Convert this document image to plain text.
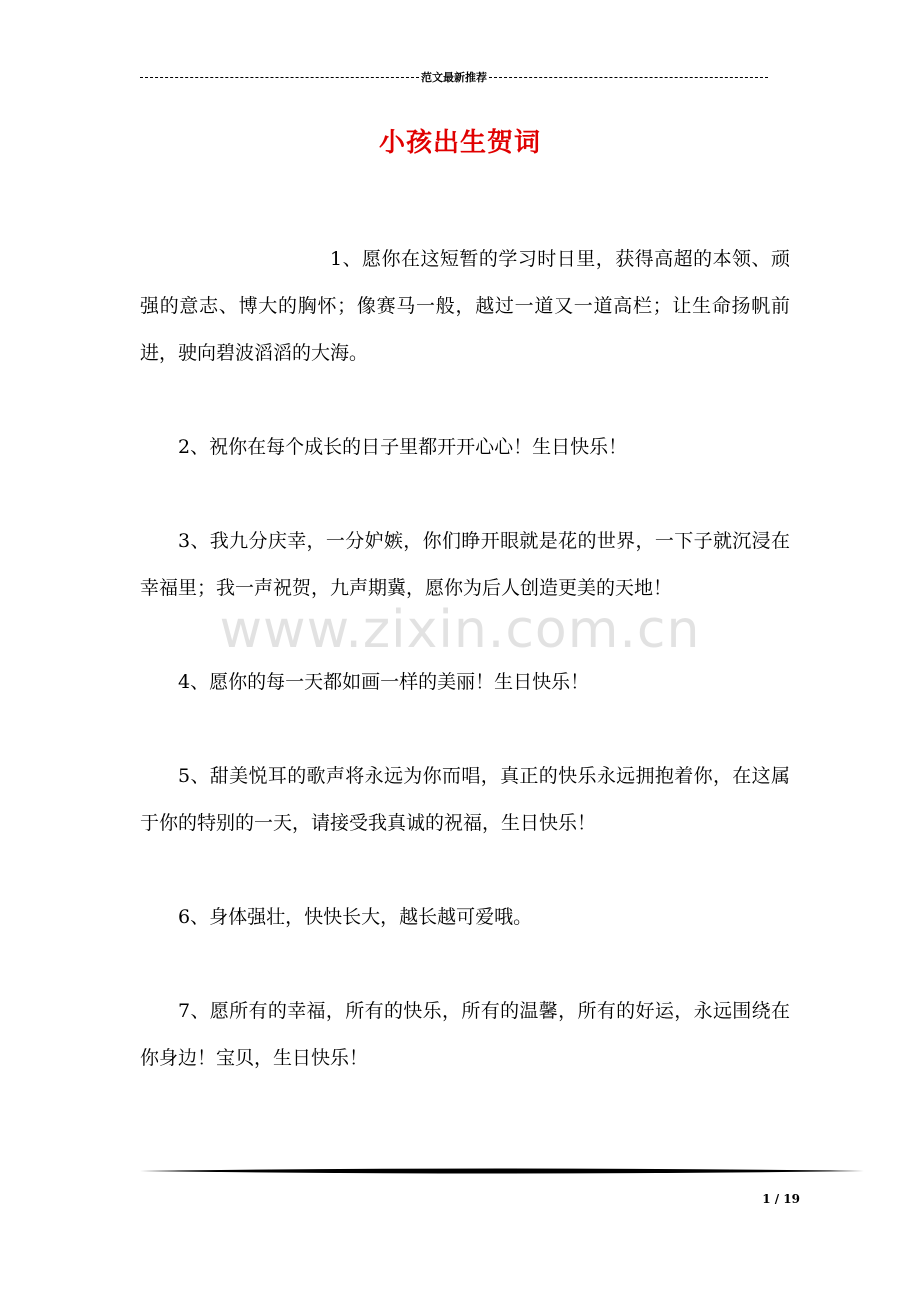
范文最新推荐
小孩出生贺词

1、愿你在这短暂的学习时日里，获得高超的本领、顽强的意志、博大的胸怀；像赛马一般，越过一道又一道高栏；让生命扬帆前进，驶向碧波滔滔的大海。

2、祝你在每个成长的日子里都开开心心！生日快乐！

3、我九分庆幸，一分妒嫉，你们睁开眼就是花的世界，一下子就沉浸在幸福里；我一声祝贺，九声期冀，愿你为后人创造更美的天地！

4、愿你的每一天都如画一样的美丽！生日快乐！

5、甜美悦耳的歌声将永远为你而唱，真正的快乐永远拥抱着你，在这属于你的特别的一天，请接受我真诚的祝福，生日快乐！

6、身体强壮，快快长大，越长越可爱哦。

7、愿所有的幸福，所有的快乐，所有的温馨，所有的好运，永远围绕在你身边！宝贝，生日快乐！

www.zixin.com.cn
1 / 19
